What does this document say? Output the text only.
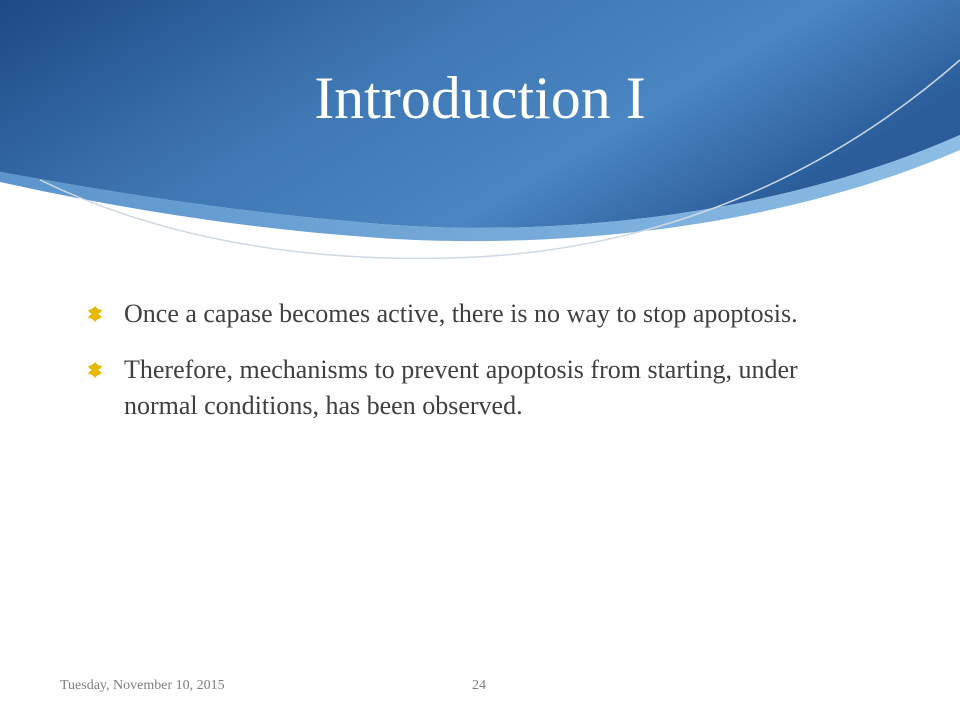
Introduction I
Once a capase becomes active, there is no way to stop apoptosis.
Therefore, mechanisms to prevent apoptosis from starting, under normal conditions, has been observed.
Tuesday, November 10, 2015	24
